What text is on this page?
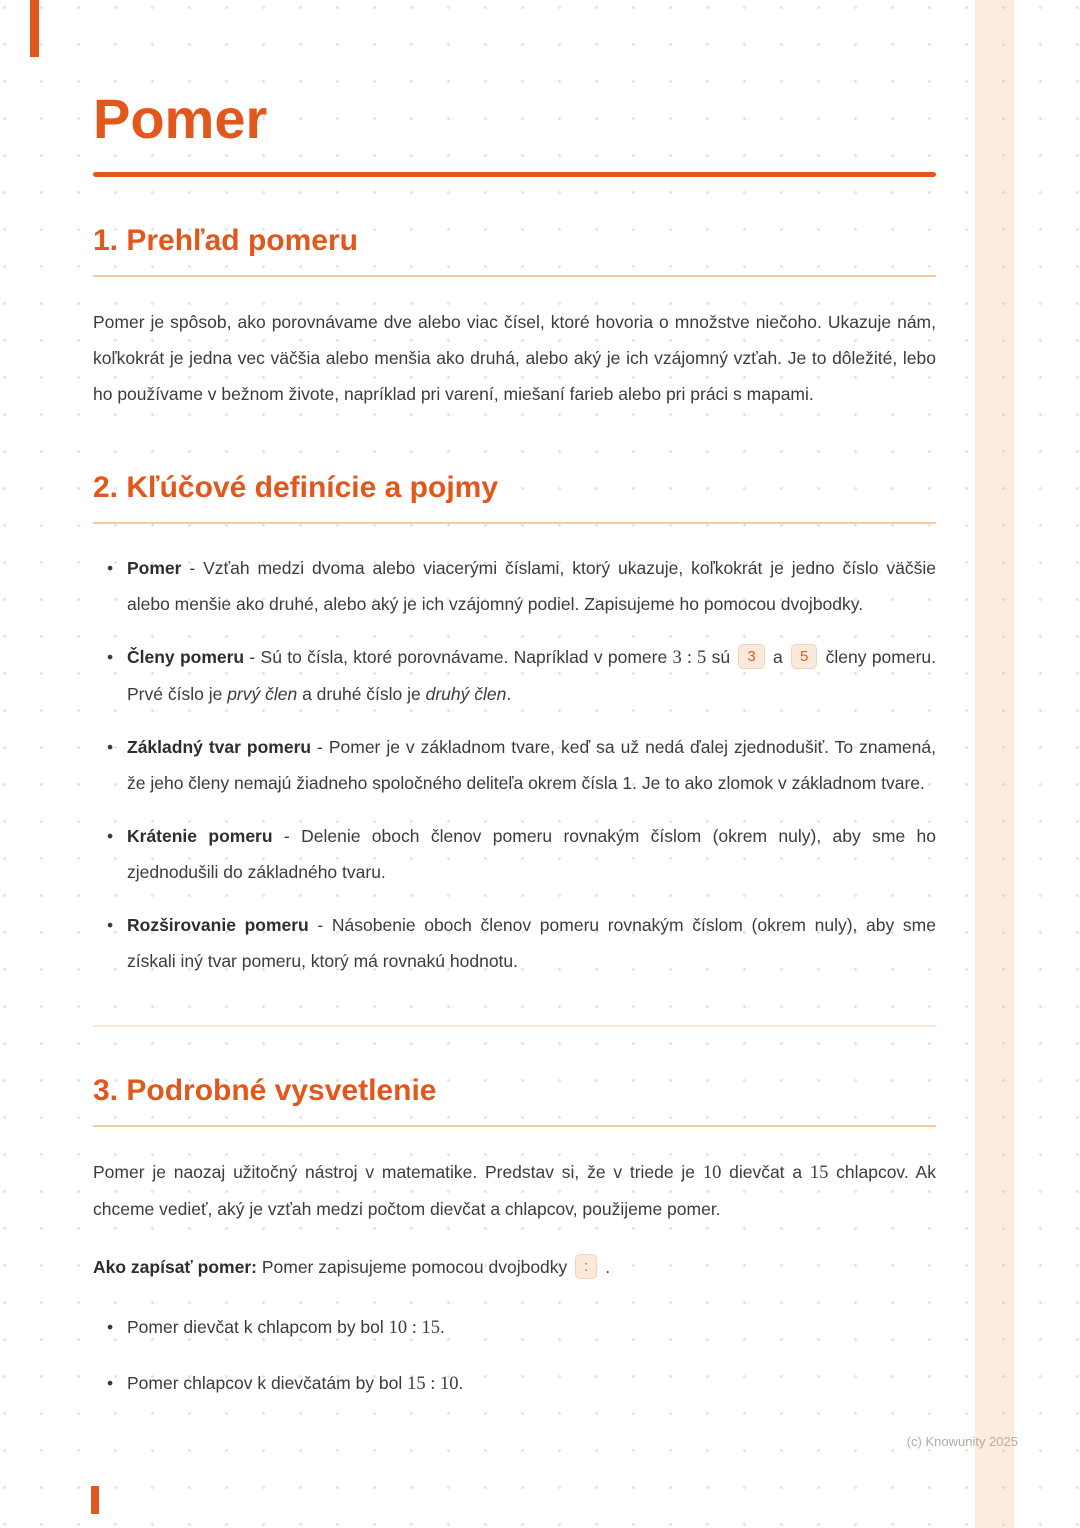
Pomer
1. Prehľad pomeru

Pomer je spôsob, ako porovnávame dve alebo viac čísel, ktoré hovoria o množstve niečoho. Ukazuje nám, koľkokrát je jedna vec väčšia alebo menšia ako druhá, alebo aký je ich vzájomný vzťah. Je to dôležité, lebo ho používame v bežnom živote, napríklad pri varení, miešaní farieb alebo pri práci s mapami.

2. Kľúčové definície a pojmy
• Pomer - Vzťah medzi dvoma alebo viacerými číslami, ktorý ukazuje, koľkokrát je jedno číslo väčšie alebo menšie ako druhé, alebo aký je ich vzájomný podiel. Zapisujeme ho pomocou dvojbodky.
• Členy pomeru - Sú to čísla, ktoré porovnávame. Napríklad v pomere 3 : 5 sú 3 a 5 členy pomeru. Prvé číslo je prvý člen a druhé číslo je druhý člen.
• Základný tvar pomeru - Pomer je v základnom tvare, keď sa už nedá ďalej zjednodušiť. To znamená, že jeho členy nemajú žiadneho spoločného deliteľa okrem čísla 1. Je to ako zlomok v základnom tvare.
• Krátenie pomeru - Delenie oboch členov pomeru rovnakým číslom (okrem nuly), aby sme ho zjednodušili do základného tvaru.
• Rozširovanie pomeru - Násobenie oboch členov pomeru rovnakým číslom (okrem nuly), aby sme získali iný tvar pomeru, ktorý má rovnakú hodnotu.
3. Podrobné vysvetlenie

Pomer je naozaj užitočný nástroj v matematike. Predstav si, že v triede je 10 dievčat a 15 chlapcov. Ak chceme vedieť, aký je vzťah medzi počtom dievčat a chlapcov, použijeme pomer.

Ako zapísať pomer: Pomer zapisujeme pomocou dvojbodky : .

• Pomer dievčat k chlapcom by bol 10 : 15.
• Pomer chlapcov k dievčatám by bol 15 : 10.
(c) Knowunity 2025
